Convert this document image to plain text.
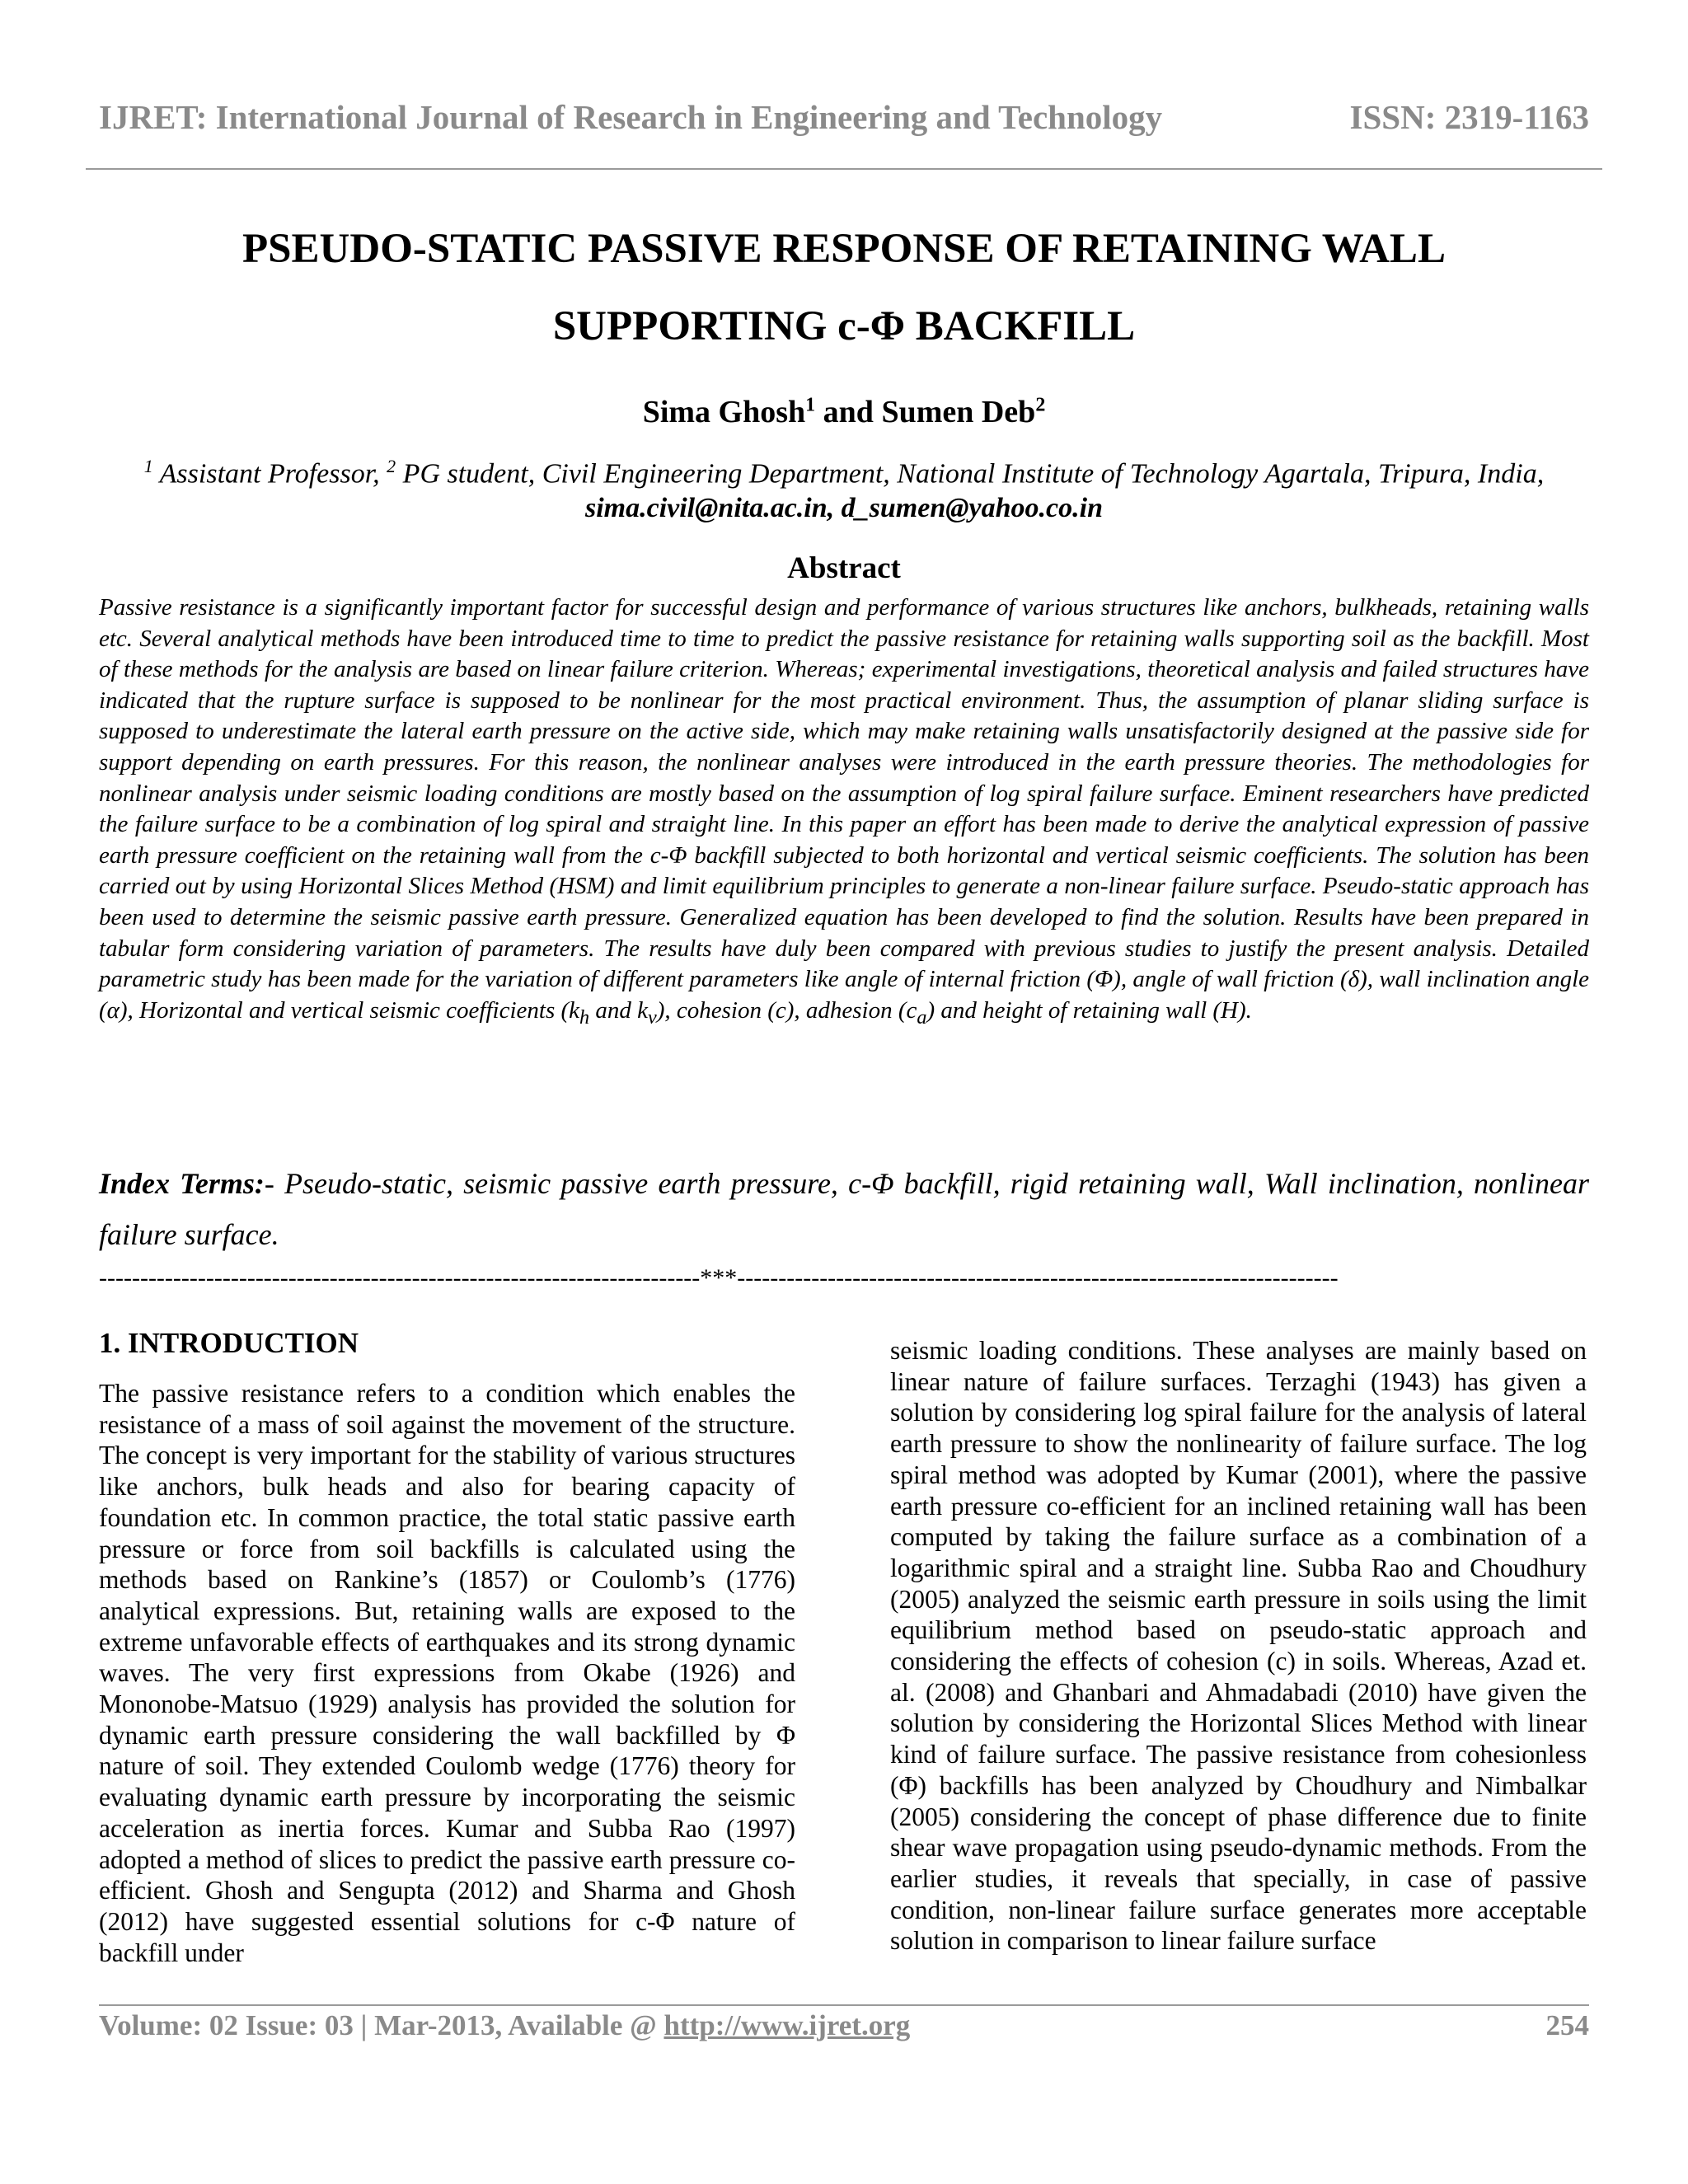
IJRET: International Journal of Research in Engineering and Technology	ISSN: 2319-1163
PSEUDO-STATIC PASSIVE RESPONSE OF RETAINING WALL
SUPPORTING c-Φ BACKFILL
Sima Ghosh$^1$ and Sumen Deb$^2$
$^1$ Assistant Professor, $^2$ PG student, Civil Engineering Department, National Institute of Technology Agartala, Tripura, India, sima.civil@nita.ac.in, d_sumen@yahoo.co.in
Abstract
Passive resistance is a significantly important factor for successful design and performance of various structures like anchors, bulkheads, retaining walls etc. Several analytical methods have been introduced time to time to predict the passive resistance for retaining walls supporting soil as the backfill. Most of these methods for the analysis are based on linear failure criterion. Whereas; experimental investigations, theoretical analysis and failed structures have indicated that the rupture surface is supposed to be nonlinear for the most practical environment. Thus, the assumption of planar sliding surface is supposed to underestimate the lateral earth pressure on the active side, which may make retaining walls unsatisfactorily designed at the passive side for support depending on earth pressures. For this reason, the nonlinear analyses were introduced in the earth pressure theories. The methodologies for nonlinear analysis under seismic loading conditions are mostly based on the assumption of log spiral failure surface. Eminent researchers have predicted the failure surface to be a combination of log spiral and straight line. In this paper an effort has been made to derive the analytical expression of passive earth pressure coefficient on the retaining wall from the c-Φ backfill subjected to both horizontal and vertical seismic coefficients. The solution has been carried out by using Horizontal Slices Method (HSM) and limit equilibrium principles to generate a non-linear failure surface. Pseudo-static approach has been used to determine the seismic passive earth pressure. Generalized equation has been developed to find the solution. Results have been prepared in tabular form considering variation of parameters. The results have duly been compared with previous studies to justify the present analysis. Detailed parametric study has been made for the variation of different parameters like angle of internal friction (Φ), angle of wall friction (δ), wall inclination angle (α), Horizontal and vertical seismic coefficients ($k_h$ and $k_v$), cohesion (c), adhesion $(c_a)$ and height of retaining wall (H).
Index Terms:- Pseudo-static, seismic passive earth pressure, c-Φ backfill, rigid retaining wall, Wall inclination, nonlinear failure surface.
-------------------------------------------------------------------------***-------------------------------------------------------------------------
1. INTRODUCTION
The passive resistance refers to a condition which enables the resistance of a mass of soil against the movement of the structure. The concept is very important for the stability of various structures like anchors, bulk heads and also for bearing capacity of foundation etc. In common practice, the total static passive earth pressure or force from soil backfills is calculated using the methods based on Rankine’s (1857) or Coulomb’s (1776) analytical expressions. But, retaining walls are exposed to the extreme unfavorable effects of earthquakes and its strong dynamic waves. The very first expressions from Okabe (1926) and Mononobe-Matsuo (1929) analysis has provided the solution for dynamic earth pressure considering the wall backfilled by Φ nature of soil. They extended Coulomb wedge (1776) theory for evaluating dynamic earth pressure by incorporating the seismic acceleration as inertia forces. Kumar and Subba Rao (1997) adopted a method of slices to predict the passive earth pressure co-efficient. Ghosh and Sengupta (2012) and Sharma and Ghosh (2012) have suggested essential solutions for c-Φ nature of backfill under
seismic loading conditions. These analyses are mainly based on linear nature of failure surfaces. Terzaghi (1943) has given a solution by considering log spiral failure for the analysis of lateral earth pressure to show the nonlinearity of failure surface. The log spiral method was adopted by Kumar (2001), where the passive earth pressure co-efficient for an inclined retaining wall has been computed by taking the failure surface as a combination of a logarithmic spiral and a straight line. Subba Rao and Choudhury (2005) analyzed the seismic earth pressure in soils using the limit equilibrium method based on pseudo-static approach and considering the effects of cohesion (c) in soils. Whereas, Azad et. al. (2008) and Ghanbari and Ahmadabadi (2010) have given the solution by considering the Horizontal Slices Method with linear kind of failure surface. The passive resistance from cohesionless (Φ) backfills has been analyzed by Choudhury and Nimbalkar (2005) considering the concept of phase difference due to finite shear wave propagation using pseudo-dynamic methods. From the earlier studies, it reveals that specially, in case of passive condition, non-linear failure surface generates more acceptable solution in comparison to linear failure surface
Volume: 02 Issue: 03 | Mar-2013, Available @ http://www.ijret.org	254
